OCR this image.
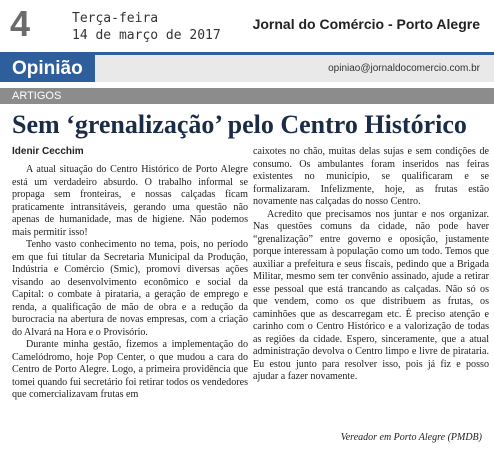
4	Terça-feira
14 de março de 2017
Jornal do Comércio - Porto Alegre
Opinião	opiniao@jornaldocomercio.com.br
ARTIGOS
Sem ‘grenalização’ pelo Centro Histórico
Idenir Cecchim

A atual situação do Centro Histórico de Porto Alegre está um verdadeiro absurdo. O trabalho informal se propaga sem fronteiras, e nossas calçadas ficam praticamente intransitáveis, gerando uma questão não apenas de humanidade, mas de higiene. Não podemos mais permitir isso!

Tenho vasto conhecimento no tema, pois, no período em que fui titular da Secretaria Municipal da Produção, Indústria e Comércio (Smic), promovi diversas ações visando ao desenvolvimento econômico e social da Capital: o combate à pirataria, a geração de emprego e renda, a qualificação de mão de obra e a redução da burocracia na abertura de novas empresas, com a criação do Alvará na Hora e o Provisório.

Durante minha gestão, fizemos a implementação do Camelódromo, hoje Pop Center, o que mudou a cara do Centro de Porto Alegre. Logo, a primeira providência que tomei quando fui secretário foi retirar todos os vendedores que comercializavam frutas em

caixotes no chão, muitas delas sujas e sem condições de consumo. Os ambulantes foram inseridos nas feiras existentes no município, se qualificaram e se formalizaram. Infelizmente, hoje, as frutas estão novamente nas calçadas do nosso Centro.

Acredito que precisamos nos juntar e nos organizar. Nas questões comuns da cidade, não pode haver “grenalização” entre governo e oposição, justamente porque interessam à população como um todo. Temos que auxiliar a prefeitura e seus fiscais, pedindo que a Brigada Militar, mesmo sem ter convênio assinado, ajude a retirar esse pessoal que está trancando as calçadas. Não só os que vendem, como os que distribuem as frutas, os caminhões que as descarregam etc. É preciso atenção e carinho com o Centro Histórico e a valorização de todas as regiões da cidade. Espero, sinceramente, que a atual administração devolva o Centro limpo e livre de pirataria. Eu estou junto para resolver isso, pois já fiz e posso ajudar a fazer novamente.

Vereador em Porto Alegre (PMDB)
